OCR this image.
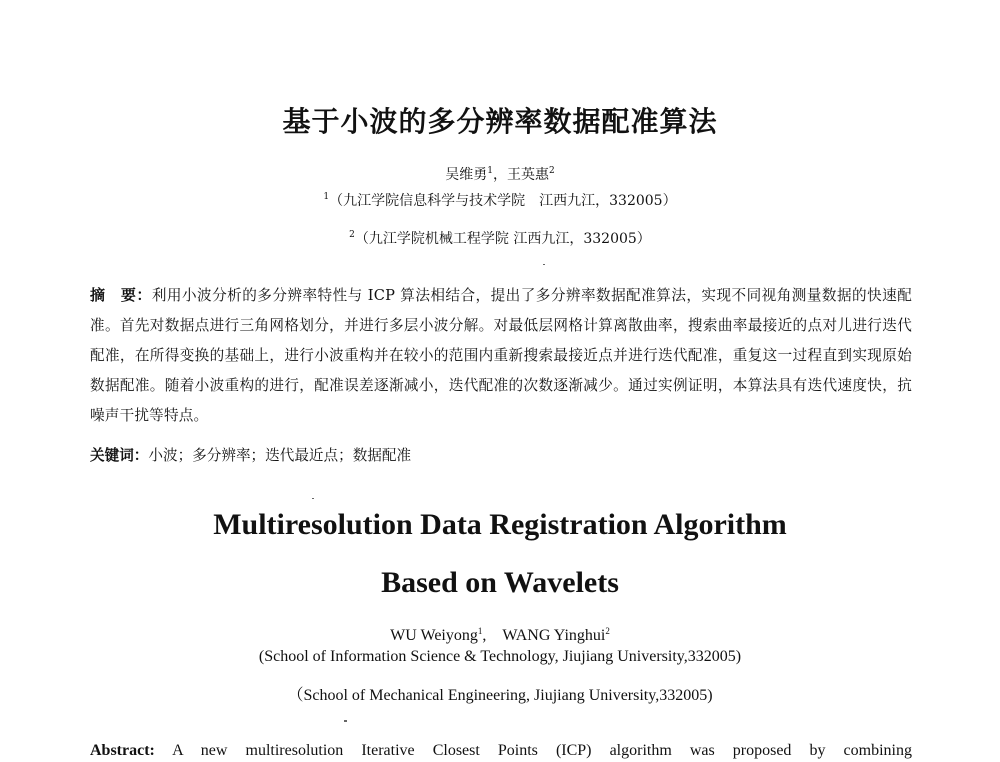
基于小波的多分辨率数据配准算法
吴维勇$^1$，王英惠$^2$
$^1$（九江学院信息科学与技术学院　江西九江，332005）
$^2$（九江学院机械工程学院 江西九江，332005）
摘　要：利用小波分析的多分辨率特性与 ICP 算法相结合，提出了多分辨率数据配准算法，实现不同视角测量数据的快速配准。首先对数据点进行三角网格划分，并进行多层小波分解。对最低层网格计算离散曲率，搜索曲率最接近的点对儿进行迭代配准，在所得变换的基础上，进行小波重构并在较小的范围内重新搜索最接近点并进行迭代配准，重复这一过程直到实现原始数据配准。随着小波重构的进行，配准误差逐渐减小，迭代配准的次数逐渐减少。通过实例证明，本算法具有迭代速度快，抗噪声干扰等特点。
关键词：小波；多分辨率；迭代最近点；数据配准
Multiresolution Data Registration Algorithm
Based on Wavelets
WU Weiyong$^1$,　WANG Yinghui$^2$
(School of Information Science & Technology, Jiujiang University,332005)
（School of Mechanical Engineering, Jiujiang University,332005)
Abstract: A new multiresolution Iterative Closest Points (ICP) algorithm was proposed by combining
